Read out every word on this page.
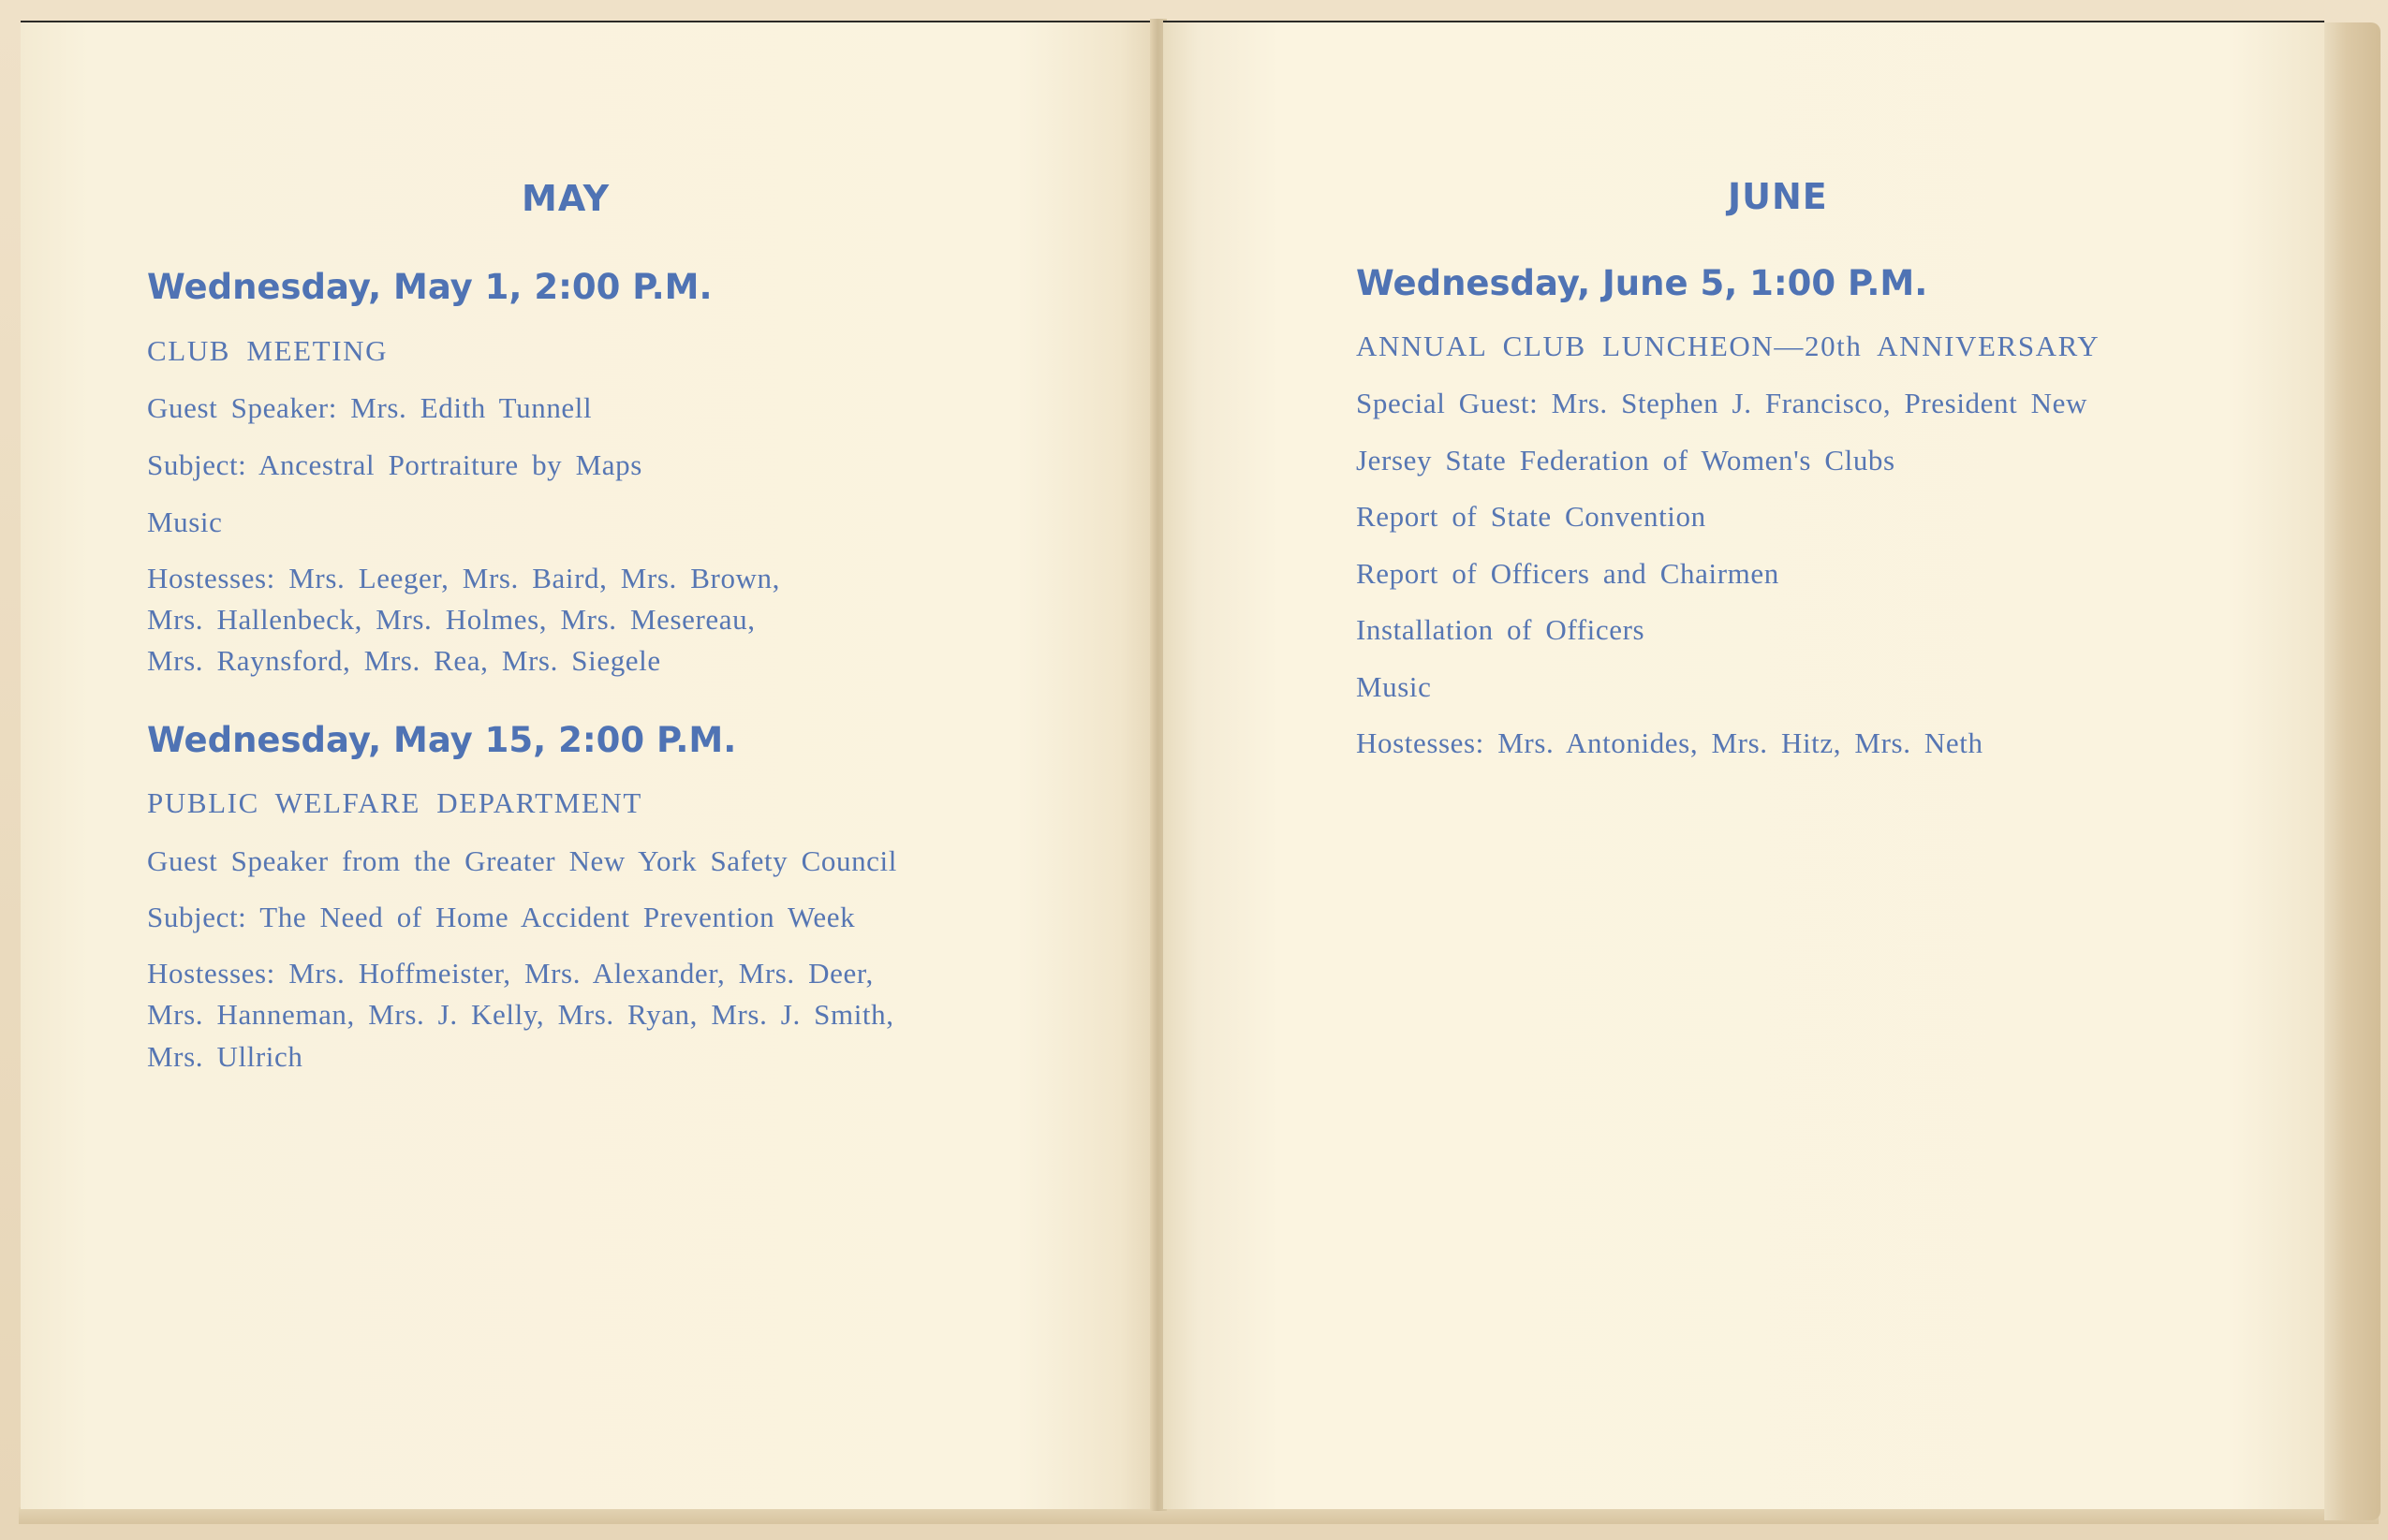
MAY
Wednesday, May 1, 2:00 P.M.
CLUB MEETING
Guest Speaker: Mrs. Edith Tunnell
Subject: Ancestral Portraiture by Maps
Music
Hostesses: Mrs. Leeger, Mrs. Baird, Mrs. Brown,
Mrs. Hallenbeck, Mrs. Holmes, Mrs. Mesereau,
Mrs. Raynsford, Mrs. Rea, Mrs. Siegele
Wednesday, May 15, 2:00 P.M.
PUBLIC WELFARE DEPARTMENT
Guest Speaker from the Greater New York Safety Council
Subject: The Need of Home Accident Prevention Week
Hostesses: Mrs. Hoffmeister, Mrs. Alexander, Mrs. Deer,
Mrs. Hanneman, Mrs. J. Kelly, Mrs. Ryan, Mrs. J. Smith,
Mrs. Ullrich
JUNE
Wednesday, June 5, 1:00 P.M.
ANNUAL CLUB LUNCHEON—20th ANNIVERSARY
Special Guest: Mrs. Stephen J. Francisco, President New
Jersey State Federation of Women's Clubs
Report of State Convention
Report of Officers and Chairmen
Installation of Officers
Music
Hostesses: Mrs. Antonides, Mrs. Hitz, Mrs. Neth
